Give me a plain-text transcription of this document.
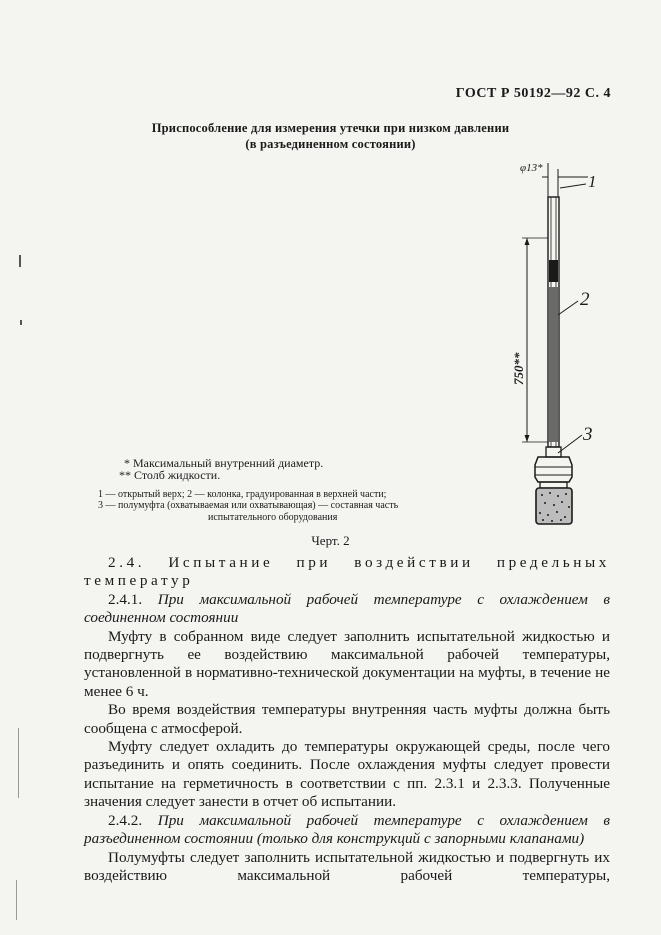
ГОСТ Р 50192—92 С. 4
Приспособление для измерения утечки при низком давлении
(в разъединенном состоянии)
φ13*
750**
1
2
3
* Максимальный внутренний диаметр.
** Столб жидкости.
1 — открытый верх; 2 — колонка, градуированная в верхней части;
3 — полумуфта (охватываемая или охватывающая) — составная часть
испытательного оборудования
Черт. 2

2.4. Испытание при воздействии предельных

температур

2.4.1. При максимальной рабочей температуре с охлаждением в соединенном состоянии

Муфту в собранном виде следует заполнить испытательной жидкостью и подвергнуть ее воздействию максимальной рабочей температуры, установленной в нормативно-технической документации на муфты, в течение не менее 6 ч.

Во время воздействия температуры внутренняя часть муфты должна быть сообщена с атмосферой.

Муфту следует охладить до температуры окружающей среды, после чего разъединить и опять соединить. После охлаждения муфты следует провести испытание на герметичность в соответствии с пп. 2.3.1 и 2.3.3. Полученные значения следует занести в отчет об испытании.

2.4.2. При максимальной рабочей температуре с охлаждением в разъединенном состоянии (только для конструкций с запорными клапанами)

Полумуфты следует заполнить испытательной жидкостью и подвергнуть их воздействию максимальной рабочей температуры,
